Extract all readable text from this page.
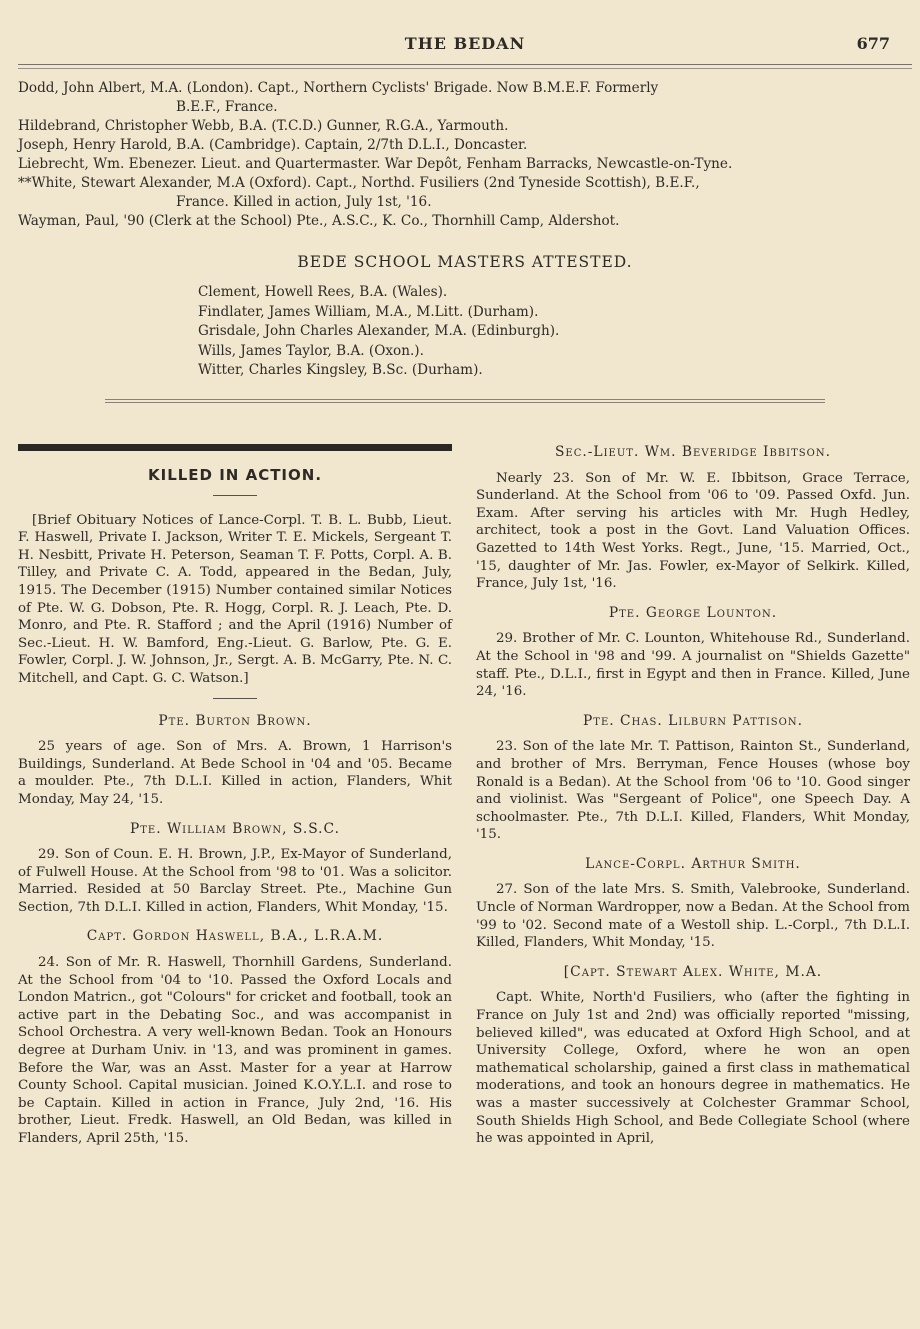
THE BEDAN	677
Dodd, John Albert, M.A. (London). Capt., Northern Cyclists' Brigade. Now B.M.E.F. Formerly
B.E.F., France.
Hildebrand, Christopher Webb, B.A. (T.C.D.) Gunner, R.G.A., Yarmouth.
Joseph, Henry Harold, B.A. (Cambridge). Captain, 2/7th D.L.I., Doncaster.
Liebrecht, Wm. Ebenezer. Lieut. and Quartermaster. War Depôt, Fenham Barracks, Newcastle-on-Tyne.
**White, Stewart Alexander, M.A (Oxford). Capt., Northd. Fusiliers (2nd Tyneside Scottish), B.E.F.,
France. Killed in action, July 1st, '16.
Wayman, Paul, '90 (Clerk at the School) Pte., A.S.C., K. Co., Thornhill Camp, Aldershot.
BEDE SCHOOL MASTERS ATTESTED.
Clement, Howell Rees, B.A. (Wales).
Findlater, James William, M.A., M.Litt. (Durham).
Grisdale, John Charles Alexander, M.A. (Edinburgh).
Wills, James Taylor, B.A. (Oxon.).
Witter, Charles Kingsley, B.Sc. (Durham).
KILLED IN ACTION.

[Brief Obituary Notices of Lance-Corpl. T. B. L. Bubb, Lieut. F. Haswell, Private I. Jackson, Writer T. E. Mickels, Sergeant T. H. Nesbitt, Private H. Peterson, Seaman T. F. Potts, Corpl. A. B. Tilley, and Private C. A. Todd, appeared in the Bedan, July, 1915. The December (1915) Number contained similar Notices of Pte. W. G. Dobson, Pte. R. Hogg, Corpl. R. J. Leach, Pte. D. Monro, and Pte. R. Stafford ; and the April (1916) Number of Sec.-Lieut. H. W. Bamford, Eng.-Lieut. G. Barlow, Pte. G. E. Fowler, Corpl. J. W. Johnson, Jr., Sergt. A. B. McGarry, Pte. N. C. Mitchell, and Capt. G. C. Watson.]

Pte. Burton Brown.

25 years of age. Son of Mrs. A. Brown, 1 Harrison's Buildings, Sunderland. At Bede School in '04 and '05. Became a moulder. Pte., 7th D.L.I. Killed in action, Flanders, Whit Monday, May 24, '15.

Pte. William Brown, S.S.C.

29. Son of Coun. E. H. Brown, J.P., Ex-Mayor of Sunderland, of Fulwell House. At the School from '98 to '01. Was a solicitor. Married. Resided at 50 Barclay Street. Pte., Machine Gun Section, 7th D.L.I. Killed in action, Flanders, Whit Monday, '15.

Capt. Gordon Haswell, B.A., L.R.A.M.

24. Son of Mr. R. Haswell, Thornhill Gardens, Sunderland. At the School from '04 to '10. Passed the Oxford Locals and London Matricn., got "Colours" for cricket and football, took an active part in the Debating Soc., and was accompanist in School Orchestra. A very well-known Bedan. Took an Honours degree at Durham Univ. in '13, and was prominent in games. Before the War, was an Asst. Master for a year at Harrow County School. Capital musician. Joined K.O.Y.L.I. and rose to be Captain. Killed in action in France, July 2nd, '16. His brother, Lieut. Fredk. Haswell, an Old Bedan, was killed in Flanders, April 25th, '15.

Sec.-Lieut. Wm. Beveridge Ibbitson.

Nearly 23. Son of Mr. W. E. Ibbitson, Grace Terrace, Sunderland. At the School from '06 to '09. Passed Oxfd. Jun. Exam. After serving his articles with Mr. Hugh Hedley, architect, took a post in the Govt. Land Valuation Offices. Gazetted to 14th West Yorks. Regt., June, '15. Married, Oct., '15, daughter of Mr. Jas. Fowler, ex-Mayor of Selkirk. Killed, France, July 1st, '16.

Pte. George Lounton.

29. Brother of Mr. C. Lounton, Whitehouse Rd., Sunderland. At the School in '98 and '99. A journalist on "Shields Gazette" staff. Pte., D.L.I., first in Egypt and then in France. Killed, June 24, '16.

Pte. Chas. Lilburn Pattison.

23. Son of the late Mr. T. Pattison, Rainton St., Sunderland, and brother of Mrs. Berryman, Fence Houses (whose boy Ronald is a Bedan). At the School from '06 to '10. Good singer and violinist. Was "Sergeant of Police", one Speech Day. A schoolmaster. Pte., 7th D.L.I. Killed, Flanders, Whit Monday, '15.

Lance-Corpl. Arthur Smith.

27. Son of the late Mrs. S. Smith, Valebrooke, Sunderland. Uncle of Norman Wardropper, now a Bedan. At the School from '99 to '02. Second mate of a Westoll ship. L.-Corpl., 7th D.L.I. Killed, Flanders, Whit Monday, '15.

[Capt. Stewart Alex. White, M.A.

Capt. White, North'd Fusiliers, who (after the fighting in France on July 1st and 2nd) was officially reported "missing, believed killed", was educated at Oxford High School, and at University College, Oxford, where he won an open mathematical scholarship, gained a first class in mathematical moderations, and took an honours degree in mathematics. He was a master successively at Colchester Grammar School, South Shields High School, and Bede Collegiate School (where he was appointed in April,
